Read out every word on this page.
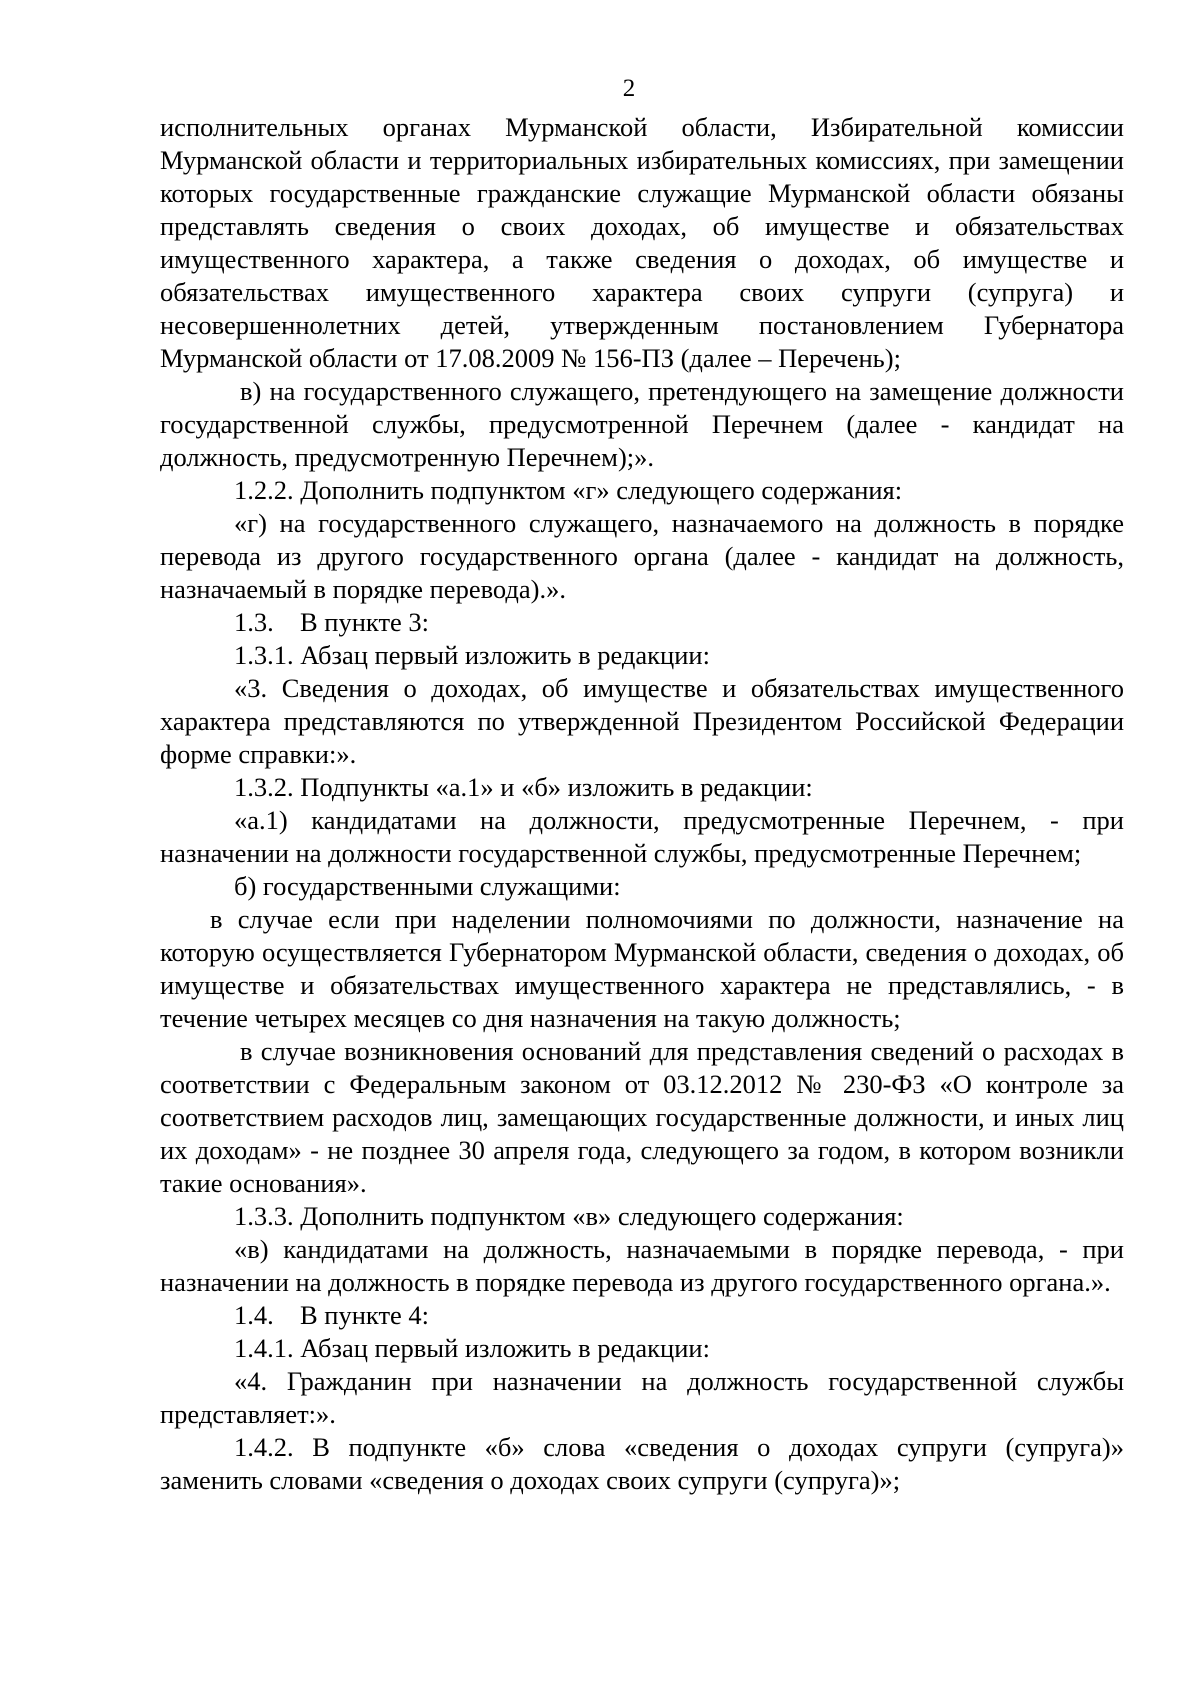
2

исполнительных органах Мурманской области, Избирательной комиссии Мурманской области и территориальных избирательных комиссиях, при замещении которых государственные гражданские служащие Мурманской области обязаны представлять сведения о своих доходах, об имуществе и обязательствах имущественного характера, а также сведения о доходах, об имуществе и обязательствах имущественного характера своих супруги (супруга) и несовершеннолетних детей, утвержденным постановлением Губернатора Мурманской области от 17.08.2009 № 156-ПЗ (далее – Перечень);

в) на государственного служащего, претендующего на замещение должности государственной службы, предусмотренной Перечнем (далее - кандидат на должность, предусмотренную Перечнем);».

1.2.2. Дополнить подпунктом «г» следующего содержания:

«г) на государственного служащего, назначаемого на должность в порядке перевода из другого государственного органа (далее - кандидат на должность, назначаемый в порядке перевода).».

1.3. В пункте 3:

1.3.1. Абзац первый изложить в редакции:

«3. Сведения о доходах, об имуществе и обязательствах имущественного характера представляются по утвержденной Президентом Российской Федерации форме справки:».

1.3.2. Подпункты «а.1» и «б» изложить в редакции:

«а.1) кандидатами на должности, предусмотренные Перечнем, - при назначении на должности государственной службы, предусмотренные Перечнем;

б) государственными служащими:

в случае если при наделении полномочиями по должности, назначение на которую осуществляется Губернатором Мурманской области, сведения о доходах, об имуществе и обязательствах имущественного характера не представлялись, - в течение четырех месяцев со дня назначения на такую должность;

в случае возникновения оснований для представления сведений о расходах в соответствии с Федеральным законом от 03.12.2012 № 230-ФЗ «О контроле за соответствием расходов лиц, замещающих государственные должности, и иных лиц их доходам» - не позднее 30 апреля года, следующего за годом, в котором возникли такие основания».

1.3.3. Дополнить подпунктом «в» следующего содержания:

«в) кандидатами на должность, назначаемыми в порядке перевода, - при назначении на должность в порядке перевода из другого государственного органа.».

1.4. В пункте 4:

1.4.1. Абзац первый изложить в редакции:

«4. Гражданин при назначении на должность государственной службы представляет:».

1.4.2. В подпункте «б» слова «сведения о доходах супруги (супруга)» заменить словами «сведения о доходах своих супруги (супруга)»;
